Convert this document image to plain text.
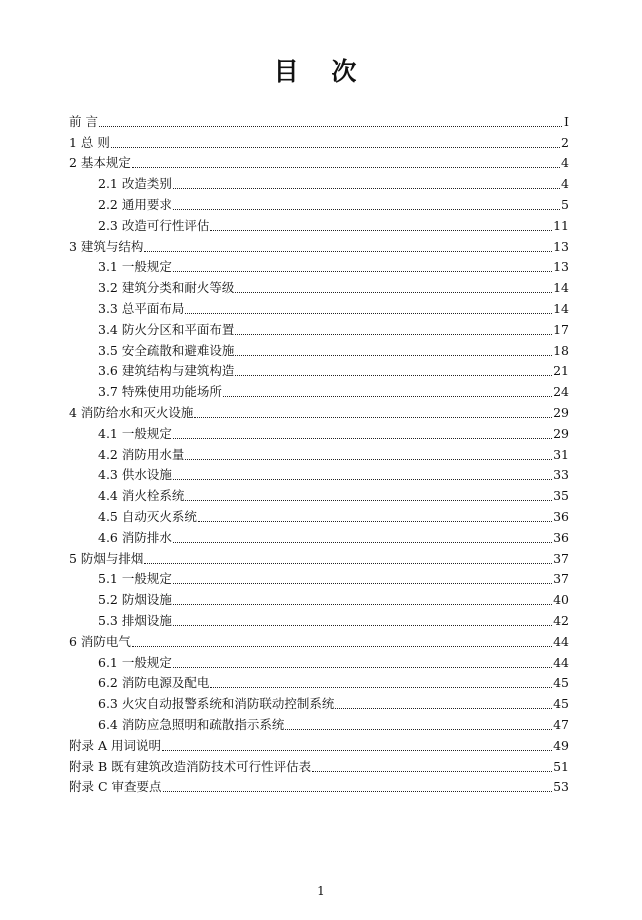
目 次
前 言	I
1 总 则	2
2 基本规定	4
2.1 改造类别	4
2.2 通用要求	5
2.3 改造可行性评估	11
3 建筑与结构	13
3.1 一般规定	13
3.2 建筑分类和耐火等级	14
3.3 总平面布局	14
3.4 防火分区和平面布置	17
3.5 安全疏散和避难设施	18
3.6 建筑结构与建筑构造	21
3.7 特殊使用功能场所	24
4 消防给水和灭火设施	29
4.1 一般规定	29
4.2 消防用水量	31
4.3 供水设施	33
4.4 消火栓系统	35
4.5 自动灭火系统	36
4.6 消防排水	36
5 防烟与排烟	37
5.1 一般规定	37
5.2 防烟设施	40
5.3 排烟设施	42
6 消防电气	44
6.1 一般规定	44
6.2 消防电源及配电	45
6.3 火灾自动报警系统和消防联动控制系统	45
6.4 消防应急照明和疏散指示系统	47
附录 A 用词说明	49
附录 B 既有建筑改造消防技术可行性评估表	51
附录 C 审查要点	53
1
